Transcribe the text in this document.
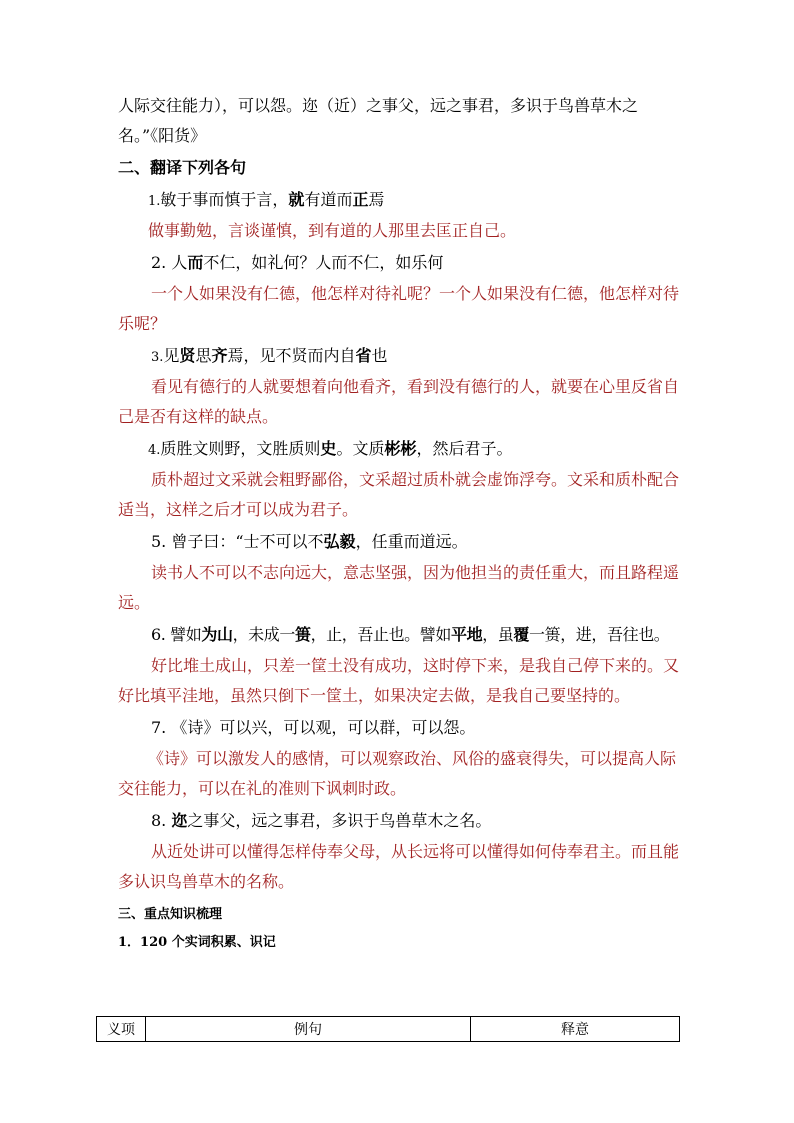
人际交往能力），可以怨。迩（近）之事父，远之事君，多识于鸟兽草木之
名。”《阳货》
二、翻译下列各句
1.敏于事而慎于言，就有道而正焉
做事勤勉，言谈谨慎，到有道的人那里去匡正自己。
2. 人而不仁，如礼何？人而不仁，如乐何
一个人如果没有仁德，他怎样对待礼呢？一个人如果没有仁德，他怎样对待
乐呢？
3.见贤思齐焉，见不贤而内自省也
看见有德行的人就要想着向他看齐，看到没有德行的人，就要在心里反省自
己是否有这样的缺点。
4.质胜文则野，文胜质则史。文质彬彬，然后君子。
质朴超过文采就会粗野鄙俗，文采超过质朴就会虚饰浮夸。文采和质朴配合
适当，这样之后才可以成为君子。
5. 曾子曰：“士不可以不弘毅，任重而道远。
读书人不可以不志向远大，意志坚强，因为他担当的责任重大，而且路程遥
远。
6. 譬如为山，未成一篑，止，吾止也。譬如平地，虽覆一篑，进，吾往也。
好比堆土成山，只差一筐土没有成功，这时停下来，是我自己停下来的。又
好比填平洼地，虽然只倒下一筐土，如果决定去做，是我自己要坚持的。
7. 《诗》可以兴，可以观，可以群，可以怨。
《诗》可以激发人的感情，可以观察政治、风俗的盛衰得失，可以提高人际
交往能力，可以在礼的准则下讽刺时政。
8. 迩之事父，远之事君，多识于鸟兽草木之名。
从近处讲可以懂得怎样侍奉父母，从长远将可以懂得如何侍奉君主。而且能
多认识鸟兽草木的名称。
三、重点知识梳理
1．120 个实词积累、识记
义项	例句	释意
